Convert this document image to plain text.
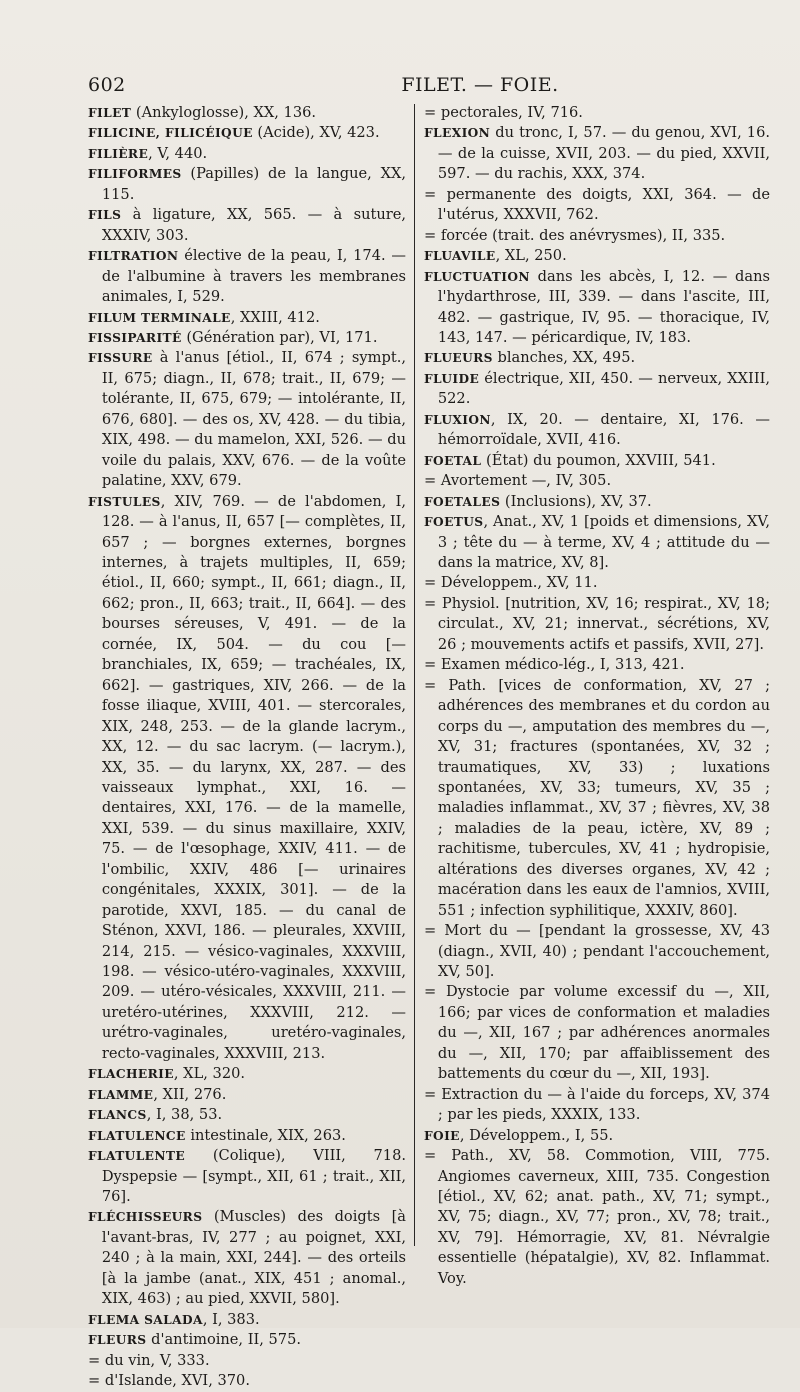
602	FILET. — FOIE.

FILET (Ankyloglosse), XX, 136.

FILICINE, FILICÉIQUE (Acide), XV, 423.

FILIÈRE, V, 440.

FILIFORMES (Papilles) de la langue, XX, 115.

FILS à ligature, XX, 565. — à suture, XXXIV, 303.

FILTRATION élective de la peau, I, 174. — de l'albumine à travers les membranes animales, I, 529.

FILUM TERMINALE, XXIII, 412.

FISSIPARITÉ (Génération par), VI, 171.

FISSURE à l'anus [étiol., II, 674 ; sympt., II, 675; diagn., II, 678; trait., II, 679; — tolérante, II, 675, 679; — intolérante, II, 676, 680]. — des os, XV, 428. — du tibia, XIX, 498. — du mamelon, XXI, 526. — du voile du palais, XXV, 676. — de la voûte palatine, XXV, 679.

FISTULES, XIV, 769. — de l'abdomen, I, 128. — à l'anus, II, 657 [— complètes, II, 657 ; — borgnes externes, borgnes internes, à trajets multiples, II, 659; étiol., II, 660; sympt., II, 661; diagn., II, 662; pron., II, 663; trait., II, 664]. — des bourses séreuses, V, 491. — de la cornée, IX, 504. — du cou [— branchiales, IX, 659; — trachéales, IX, 662]. — gastriques, XIV, 266. — de la fosse iliaque, XVIII, 401. — stercorales, XIX, 248, 253. — de la glande lacrym., XX, 12. — du sac lacrym. (— lacrym.), XX, 35. — du larynx, XX, 287. — des vaisseaux lymphat., XXI, 16. — dentaires, XXI, 176. — de la mamelle, XXI, 539. — du sinus maxillaire, XXIV, 75. — de l'œsophage, XXIV, 411. — de l'ombilic, XXIV, 486 [— urinaires congénitales, XXXIX, 301]. — de la parotide, XXVI, 185. — du canal de Sténon, XXVI, 186. — pleurales, XXVIII, 214, 215. — vésico-vaginales, XXXVIII, 198. — vésico-utéro-vaginales, XXXVIII, 209. — utéro-vésicales, XXXVIII, 211. — uretéro-utérines, XXXVIII, 212. — urétro-vaginales, uretéro-vaginales, recto-vaginales, XXXVIII, 213.

FLACHERIE, XL, 320.

FLAMME, XII, 276.

FLANCS, I, 38, 53.

FLATULENCE intestinale, XIX, 263.

FLATULENTE (Colique), VIII, 718. Dyspepsie — [sympt., XII, 61 ; trait., XII, 76].

FLÉCHISSEURS (Muscles) des doigts [à l'avant-bras, IV, 277 ; au poignet, XXI, 240 ; à la main, XXI, 244]. — des orteils [à la jambe (anat., XIX, 451 ; anomal., XIX, 463) ; au pied, XXVII, 580].

FLEMA SALADA, I, 383.

FLEURS d'antimoine, II, 575.

= du vin, V, 333.

= d'Islande, XVI, 370.

= pectorales, IV, 716.

FLEXION du tronc, I, 57. — du genou, XVI, 16. — de la cuisse, XVII, 203. — du pied, XXVII, 597. — du rachis, XXX, 374.

= permanente des doigts, XXI, 364. — de l'utérus, XXXVII, 762.

= forcée (trait. des anévrysmes), II, 335.

FLUAVILE, XL, 250.

FLUCTUATION dans les abcès, I, 12. — dans l'hydarthrose, III, 339. — dans l'ascite, III, 482. — gastrique, IV, 95. — thoracique, IV, 143, 147. — péricardique, IV, 183.

FLUEURS blanches, XX, 495.

FLUIDE électrique, XII, 450. — nerveux, XXIII, 522.

FLUXION, IX, 20. — dentaire, XI, 176. — hémorroïdale, XVII, 416.

FOETAL (État) du poumon, XXVIII, 541.

= Avortement —, IV, 305.

FOETALES (Inclusions), XV, 37.

FOETUS, Anat., XV, 1 [poids et dimensions, XV, 3 ; tête du — à terme, XV, 4 ; attitude du — dans la matrice, XV, 8].

= Développem., XV, 11.

= Physiol. [nutrition, XV, 16; respirat., XV, 18; circulat., XV, 21; innervat., sécrétions, XV, 26 ; mouvements actifs et passifs, XVII, 27].

= Examen médico-lég., I, 313, 421.

= Path. [vices de conformation, XV, 27 ; adhérences des membranes et du cordon au corps du —, amputation des membres du —, XV, 31; fractures (spontanées, XV, 32 ; traumatiques, XV, 33) ; luxations spontanées, XV, 33; tumeurs, XV, 35 ; maladies inflammat., XV, 37 ; fièvres, XV, 38 ; maladies de la peau, ictère, XV, 89 ; rachitisme, tubercules, XV, 41 ; hydropisie, altérations des diverses organes, XV, 42 ; macération dans les eaux de l'amnios, XVIII, 551 ; infection syphilitique, XXXIV, 860].

= Mort du — [pendant la grossesse, XV, 43 (diagn., XVII, 40) ; pendant l'accouchement, XV, 50].

= Dystocie par volume excessif du —, XII, 166; par vices de conformation et maladies du —, XII, 167 ; par adhérences anormales du —, XII, 170; par affaiblissement des battements du cœur du —, XII, 193].

= Extraction du — à l'aide du forceps, XV, 374 ; par les pieds, XXXIX, 133.

FOIE, Développem., I, 55.

= Path., XV, 58. Commotion, VIII, 775. Angiomes caverneux, XIII, 735. Congestion [étiol., XV, 62; anat. path., XV, 71; sympt., XV, 75; diagn., XV, 77; pron., XV, 78; trait., XV, 79]. Hémorragie, XV, 81. Névralgie essentielle (hépatalgie), XV, 82. Inflammat. Voy.
